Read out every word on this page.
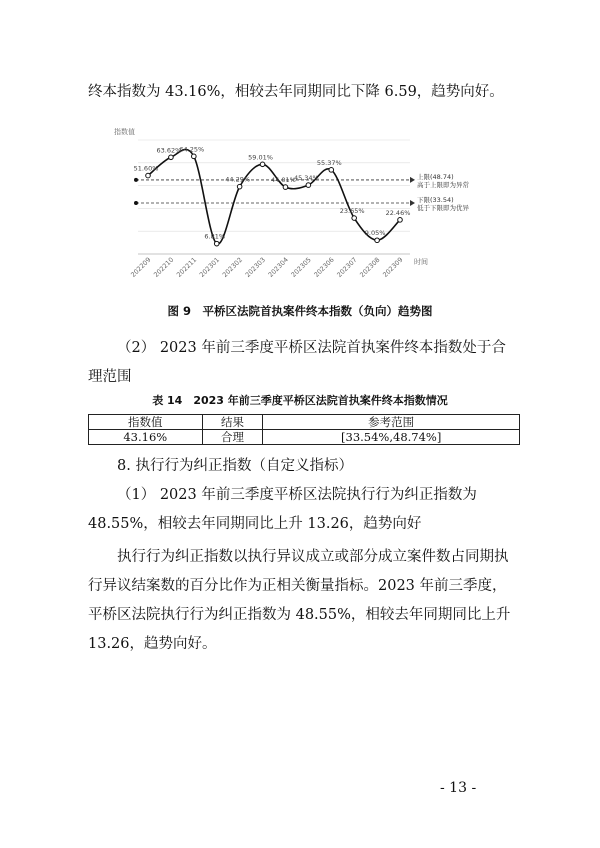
终本指数为 43.16%，相较去年同期同比下降 6.59，趋势向好。

指数值
时间
上限(48.74)
高于上限即为异常
下限(33.54)
低于下限即为优异
51.60%
202209
63.62%
202210
64.25%
202211
6.81%
202301
44.29%
202302
59.01%
202303
44.01%
202304
45.34%
202305
55.37%
202306
23.65%
202307
9.05%
202308
22.46%
202309
图 9　平桥区法院首执案件终本指数（负向）趋势图

（2） 2023 年前三季度平桥区法院首执案件终本指数处于合理范围

表 14　2023 年前三季度平桥区法院首执案件终本指数情况
指数值	结果	参考范围
43.16%	合理	[33.54%,48.74%]

8. 执行行为纠正指数（自定义指标）

（1） 2023 年前三季度平桥区法院执行行为纠正指数为 48.55%，相较去年同期同比上升 13.26，趋势向好

执行行为纠正指数以执行异议成立或部分成立案件数占同期执行异议结案数的百分比作为正相关衡量指标。2023 年前三季度，平桥区法院执行行为纠正指数为 48.55%，相较去年同期同比上升 13.26，趋势向好。

- 13 -
